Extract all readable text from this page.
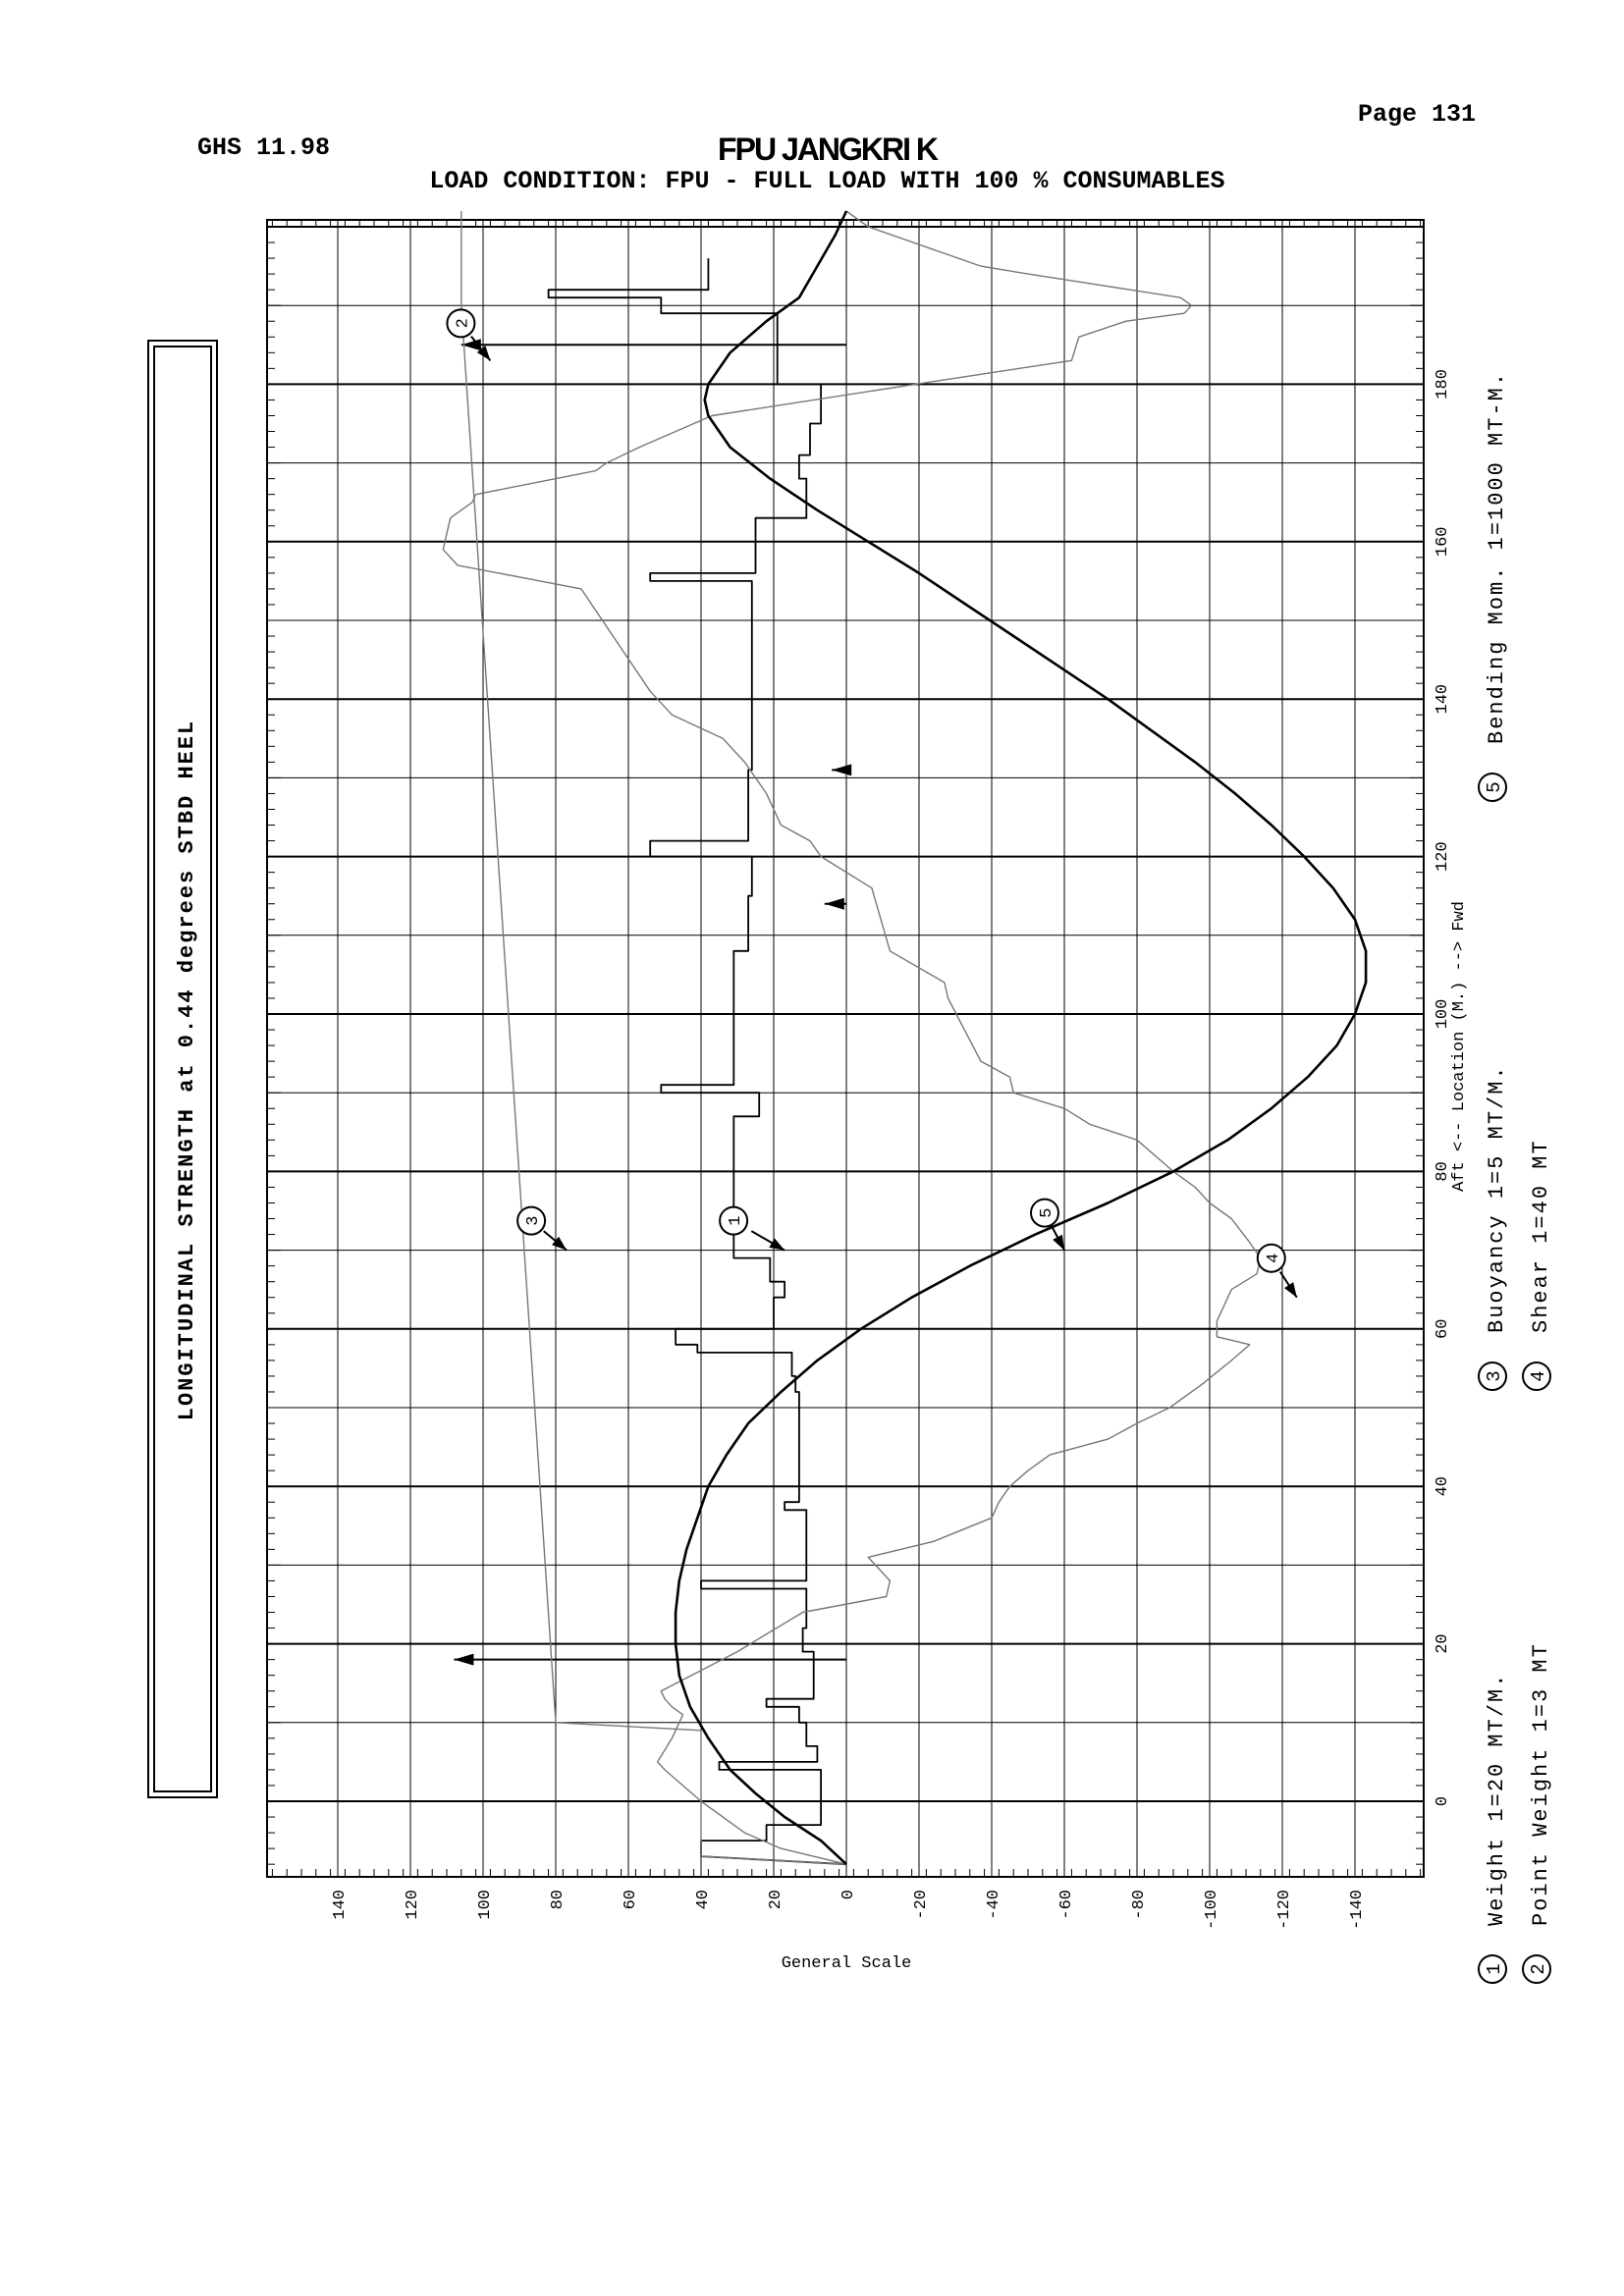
Page 131
GHS 11.98	FPU JANGKRI K
LOAD CONDITION: FPU - FULL LOAD WITH 100 % CONSUMABLES
LONGITUDINAL STRENGTH at 0.44 degrees STBD HEEL
0
20
40
60
80
100
120
140
160
180
140	120	100	80	60	40	20	0	-20	-40	-60	-80	-100	-120	-140
Aft <-- Location (M.) --> Fwd
General Scale
1
2
3
4
5
1
Weight 1=20 MT/M.
2
Point Weight 1=3 MT
3
Buoyancy 1=5 MT/M.
4
Shear 1=40 MT
5
Bending Mom. 1=1000 MT-M.
